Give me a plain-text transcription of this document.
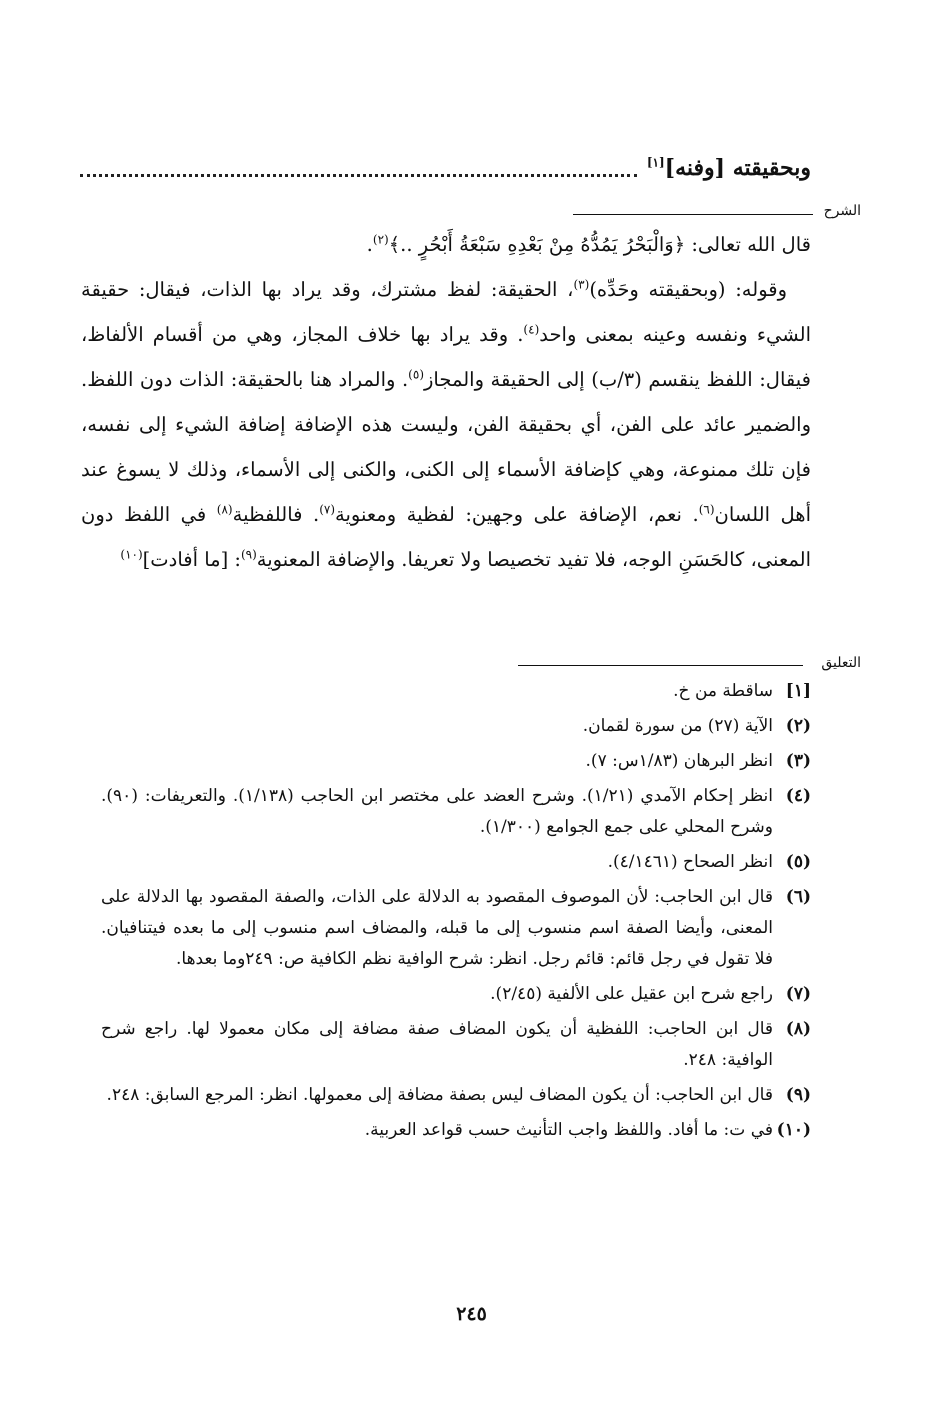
وبحقيقته [وفنه][١]
الشرح

قال الله تعالى: ﴿وَالْبَحْرُ يَمُدُّهُ مِنْ بَعْدِهِ سَبْعَةُ أَبْحُرٍ ..﴾$^{(٢)}$.

وقوله: (وبحقيقته وحَدِّه)$^{(٣)}$، الحقيقة: لفظ مشترك، وقد يراد بها الذات، فيقال: حقيقة الشيء ونفسه وعينه بمعنى واحد$^{(٤)}$. وقد يراد بها خلاف المجاز، وهي من أقسام الألفاظ، فيقال: اللفظ ينقسم (٣/ب) إلى الحقيقة والمجاز$^{(٥)}$. والمراد هنا بالحقيقة: الذات دون اللفظ. والضمير عائد على الفن، أي بحقيقة الفن، وليست هذه الإضافة إضافة الشيء إلى نفسه، فإن تلك ممنوعة، وهي كإضافة الأسماء إلى الكنى، والكنى إلى الأسماء، وذلك لا يسوغ عند أهل اللسان$^{(٦)}$. نعم، الإضافة على وجهين: لفظية ومعنوية$^{(٧)}$. فاللفظية$^{(٨)}$ في اللفظ دون المعنى، كالحَسَنِ الوجه، فلا تفيد تخصيصا ولا تعريفا. والإضافة المعنوية$^{(٩)}$: [ما أفادت]$^{(١٠)}$

التعليق
[١]
ساقطة من خ.
(٢)
الآية (٢٧) من سورة لقمان.
(٣)
انظر البرهان (١/٨٣س: ٧).
(٤)
انظر إحكام الآمدي (١/٢١). وشرح العضد على مختصر ابن الحاجب (١/١٣٨). والتعريفات: (٩٠). وشرح المحلي على جمع الجوامع (١/٣٠٠).
(٥)
انظر الصحاح (٤/١٤٦١).
(٦)
قال ابن الحاجب: لأن الموصوف المقصود به الدلالة على الذات، والصفة المقصود بها الدلالة على المعنى، وأيضا الصفة اسم منسوب إلى ما قبله، والمضاف اسم منسوب إلى ما بعده فيتنافيان. فلا تقول في رجل قائم: قائم رجل. انظر: شرح الوافية نظم الكافية ص: ٢٤٩وما بعدها.
(٧)
راجع شرح ابن عقيل على الألفية (٢/٤٥).
(٨)
قال ابن الحاجب: اللفظية أن يكون المضاف صفة مضافة إلى مكان معمولا لها. راجع شرح الوافية: ٢٤٨.
(٩)
قال ابن الحاجب: أن يكون المضاف ليس بصفة مضافة إلى معمولها. انظر: المرجع السابق: ٢٤٨.
(١٠)
في ت: ما أفاد. واللفظ واجب التأنيث حسب قواعد العربية.
٢٤٥
